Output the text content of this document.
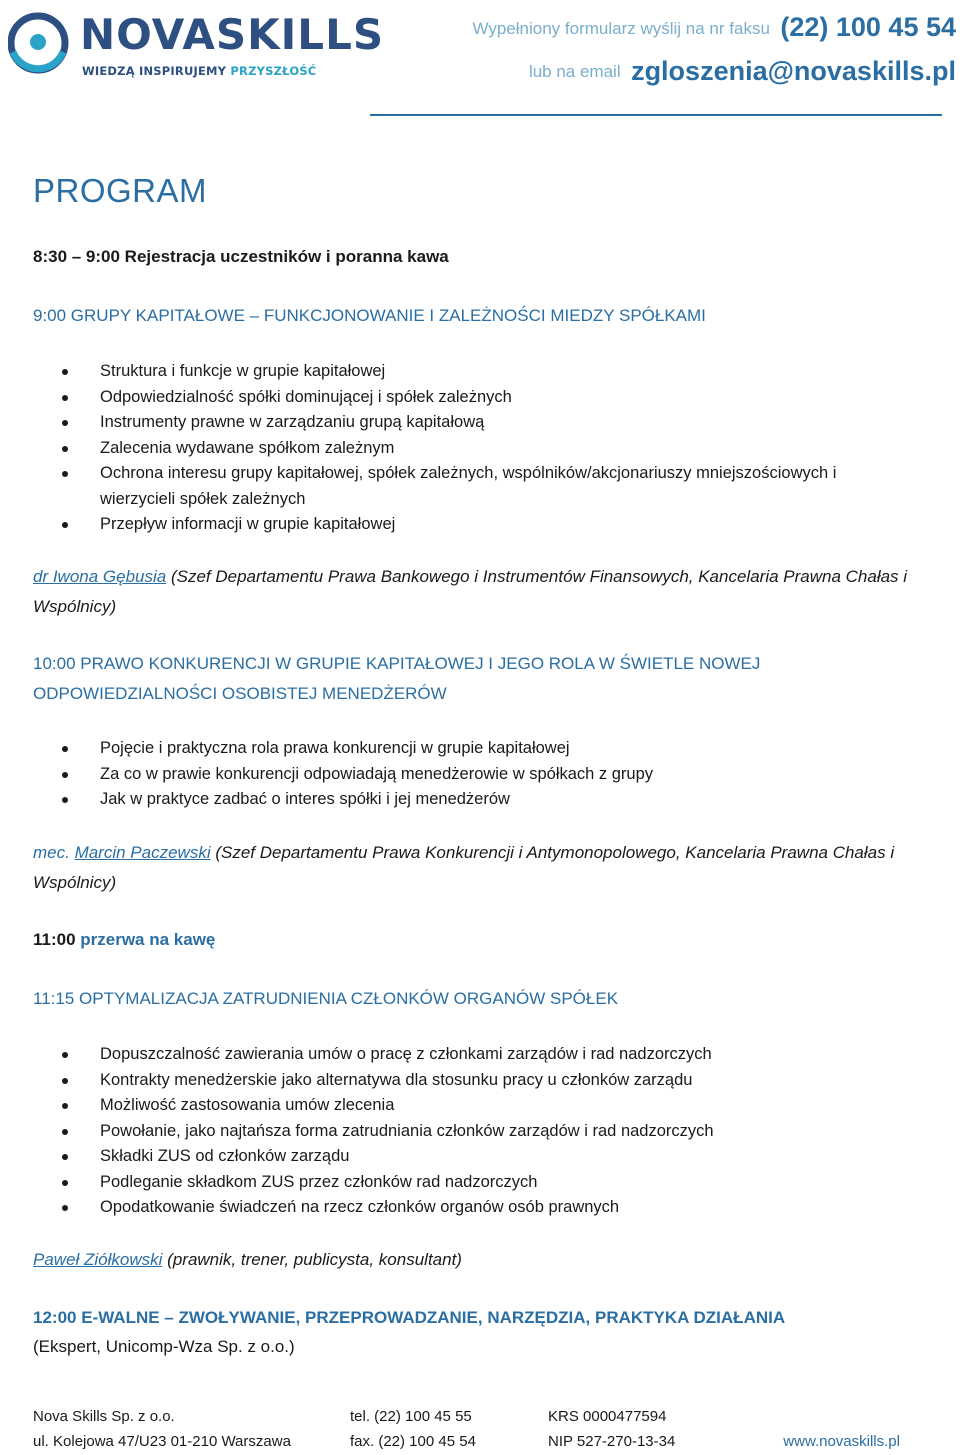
NOVASKILLS
WIEDZĄ INSPIRUJEMY PRZYSZŁOŚĆ
Wypełniony formularz wyślij na nr faksu (22) 100 45 54
lub na email zgloszenia@novaskills.pl
PROGRAM
8:30 – 9:00 Rejestracja uczestników i poranna kawa
9:00 GRUPY KAPITAŁOWE – FUNKCJONOWANIE I ZALEŻNOŚCI MIEDZY SPÓŁKAMI
Struktura i funkcje w grupie kapitałowej
Odpowiedzialność spółki dominującej i spółek zależnych
Instrumenty prawne w zarządzaniu grupą kapitałową
Zalecenia wydawane spółkom zależnym
Ochrona interesu grupy kapitałowej, spółek zależnych, wspólników/akcjonariuszy mniejszościowych i
wierzycieli spółek zależnych
Przepływ informacji w grupie kapitałowej
dr Iwona Gębusia (Szef Departamentu Prawa Bankowego i Instrumentów Finansowych, Kancelaria Prawna Chałas i Wspólnicy)
10:00 PRAWO KONKURENCJI W GRUPIE KAPITAŁOWEJ I JEGO ROLA W ŚWIETLE NOWEJ
ODPOWIEDZIALNOŚCI OSOBISTEJ MENEDŻERÓW
Pojęcie i praktyczna rola prawa konkurencji w grupie kapitałowej
Za co w prawie konkurencji odpowiadają menedżerowie w spółkach z grupy
Jak w praktyce zadbać o interes spółki i jej menedżerów
mec. Marcin Paczewski (Szef Departamentu Prawa Konkurencji i Antymonopolowego, Kancelaria Prawna Chałas i Wspólnicy)
11:00 przerwa na kawę
11:15 OPTYMALIZACJA ZATRUDNIENIA CZŁONKÓW ORGANÓW SPÓŁEK
Dopuszczalność zawierania umów o pracę z członkami zarządów i rad nadzorczych
Kontrakty menedżerskie jako alternatywa dla stosunku pracy u członków zarządu
Możliwość zastosowania umów zlecenia
Powołanie, jako najtańsza forma zatrudniania członków zarządów i rad nadzorczych
Składki ZUS od członków zarządu
Podleganie składkom ZUS przez członków rad nadzorczych
Opodatkowanie świadczeń na rzecz członków organów osób prawnych
Paweł Ziółkowski (prawnik, trener, publicysta, konsultant)
12:00 E-WALNE – ZWOŁYWANIE, PRZEPROWADZANIE, NARZĘDZIA, PRAKTYKA DZIAŁANIA
(Ekspert, Unicomp-Wza Sp. z o.o.)
Nova Skills Sp. z o.o.
ul. Kolejowa 47/U23 01-210 Warszawa
tel. (22) 100 45 55
fax. (22) 100 45 54
KRS 0000477594
NIP 527-270-13-34	www.novaskills.pl
